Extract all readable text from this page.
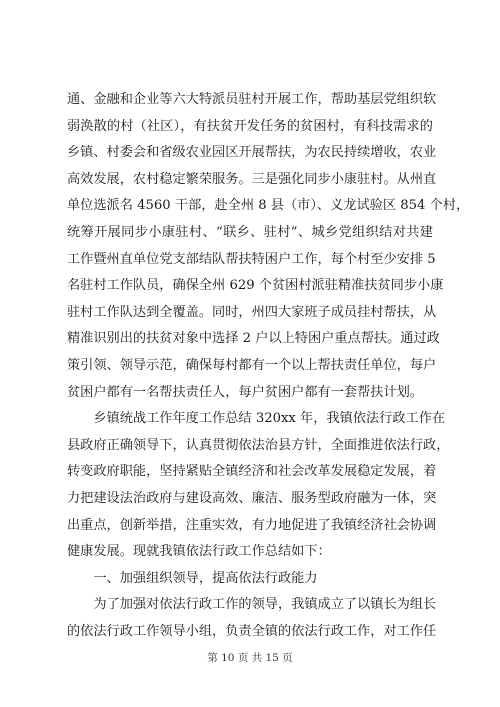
通、金融和企业等六大特派员驻村开展工作，帮助基层党组织软
弱涣散的村（社区），有扶贫开发任务的贫困村，有科技需求的
乡镇、村委会和省级农业园区开展帮扶，为农民持续增收，农业
高效发展，农村稳定繁荣服务。三是强化同步小康驻村。从州直
单位选派名 4560 干部，赴全州 8 县（市）、义龙试验区 854 个村，
统筹开展同步小康驻村、“联乡、驻村”、城乡党组织结对共建
工作暨州直单位党支部结队帮扶特困户工作，每个村至少安排 5
名驻村工作队员，确保全州 629 个贫困村派驻精准扶贫同步小康
驻村工作队达到全覆盖。同时，州四大家班子成员挂村帮扶，从
精准识别出的扶贫对象中选择 2 户以上特困户重点帮扶。通过政
策引领、领导示范，确保每村都有一个以上帮扶责任单位，每户
贫困户都有一名帮扶责任人，每户贫困户都有一套帮扶计划。
　　乡镇统战工作年度工作总结 320xx 年，我镇依法行政工作在
县政府正确领导下，认真贯彻依法治县方针，全面推进依法行政，
转变政府职能，坚持紧贴全镇经济和社会改革发展稳定发展，着
力把建设法治政府与建设高效、廉洁、服务型政府融为一体，突
出重点，创新举措，注重实效，有力地促进了我镇经济社会协调
健康发展。现就我镇依法行政工作总结如下：
　　一、加强组织领导，提高依法行政能力
　　为了加强对依法行政工作的领导，我镇成立了以镇长为组长
的依法行政工作领导小组，负责全镇的依法行政工作，对工作任
第 10 页 共 15 页
